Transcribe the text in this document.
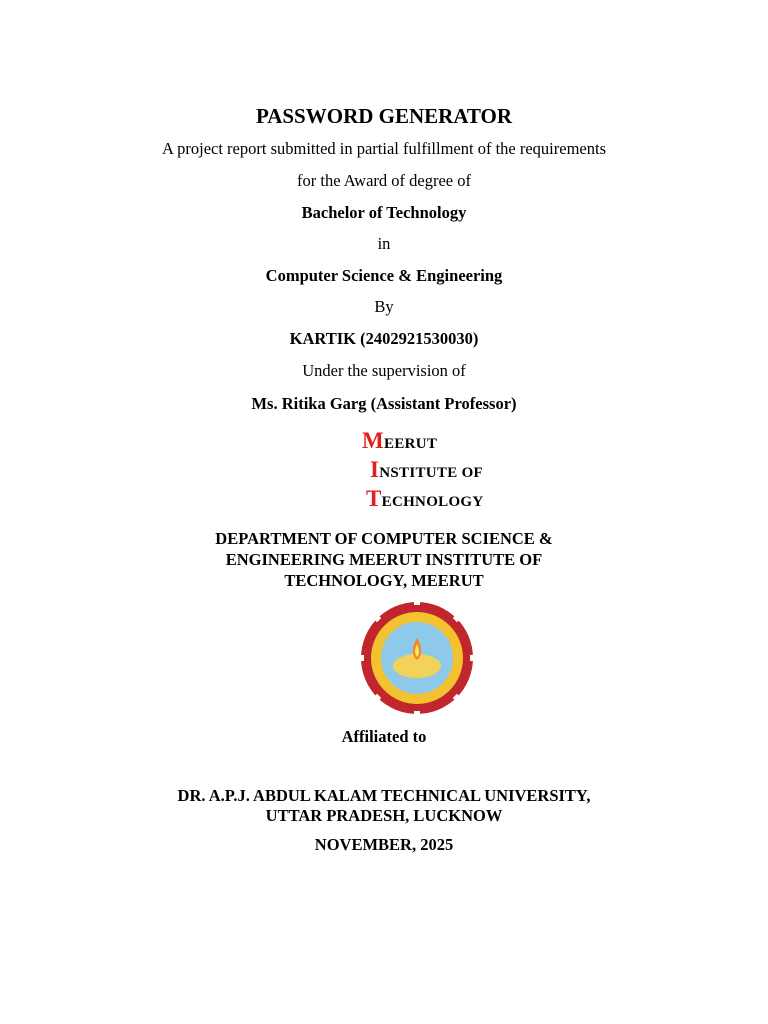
PASSWORD GENERATOR
A project report submitted in partial fulfillment of the requirements
for the Award of degree of
Bachelor of Technology
in
Computer Science & Engineering
By
KARTIK (2402921530030)
Under the supervision of
Ms. Ritika Garg (Assistant Professor)
MEERUT
INSTITUTE OF
TECHNOLOGY
DEPARTMENT OF COMPUTER SCIENCE &
ENGINEERING MEERUT INSTITUTE OF
TECHNOLOGY, MEERUT
Affiliated to
DR. A.P.J. ABDUL KALAM TECHNICAL UNIVERSITY,
UTTAR PRADESH, LUCKNOW
NOVEMBER, 2025
